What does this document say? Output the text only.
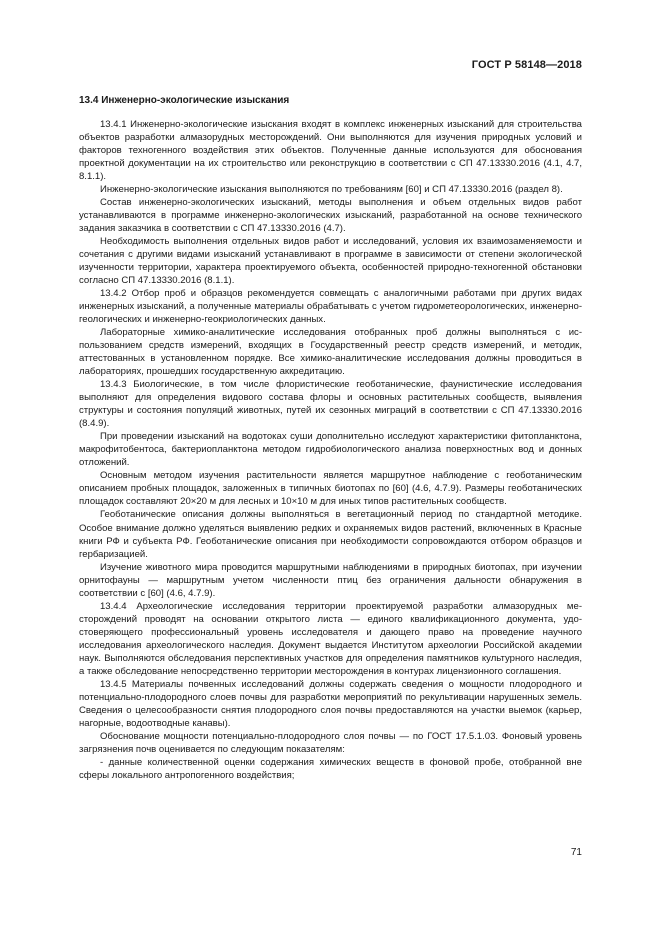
ГОСТ Р 58148—2018
13.4 Инженерно-экологические изыскания

13.4.1 Инженерно-экологические изыскания входят в комплекс инженерных изысканий для строительства объектов разработки алмазорудных месторождений. Они выполняются для изучения природных условий и факторов техногенного воздействия этих объектов. Полученные данные используются для обоснования проектной документации на их строительство или реконструкцию в соответствии с СП 47.13330.2016 (4.1, 4.7, 8.1.1).

Инженерно-экологические изыскания выполняются по требованиям [60] и СП 47.13330.2016 (раздел 8).

Состав инженерно-экологических изысканий, методы выполнения и объем отдельных видов работ устанавливаются в программе инженерно-экологических изысканий, разработанной на основе технического задания заказчика в соответствии с СП 47.13330.2016 (4.7).

Необходимость выполнения отдельных видов работ и исследований, условия их взаимозаменяемости и сочетания с другими видами изысканий устанавливают в программе в зависимости от степени экологической изученности территории, характера проектируемого объекта, особенностей природно-техногенной обстановки согласно СП 47.13330.2016 (8.1.1).

13.4.2 Отбор проб и образцов рекомендуется совмещать с аналогичными работами при других видах инженерных изысканий, а полученные материалы обрабатывать с учетом гидрометеорологических, инженерно-геологических и инженерно-геокриологических данных.

Лабораторные химико-аналитические исследования отобранных проб должны выполняться с использованием средств измерений, входящих в Государственный реестр средств измерений, и методик, аттестованных в установленном порядке. Все химико-аналитические исследования должны проводиться в лабораториях, прошедших государственную аккредитацию.

13.4.3 Биологические, в том числе флористические геоботанические, фаунистические исследования выполняют для определения видового состава флоры и основных растительных сообществ, выявления структуры и состояния популяций животных, путей их сезонных миграций в соответствии с СП 47.13330.2016 (8.4.9).

При проведении изысканий на водотоках суши дополнительно исследуют характеристики фитопланктона, макрофитобентоса, бактериопланктона методом гидробиологического анализа поверхностных вод и донных отложений.

Основным методом изучения растительности является маршрутное наблюдение с геоботаническим описанием пробных площадок, заложенных в типичных биотопах по [60] (4.6, 4.7.9). Размеры геоботанических площадок составляют 20×20 м для лесных и 10×10 м для иных типов растительных сообществ.

Геоботанические описания должны выполняться в вегетационный период по стандартной методике. Особое внимание должно уделяться выявлению редких и охраняемых видов растений, включенных в Красные книги РФ и субъекта РФ. Геоботанические описания при необходимости сопровождаются отбором образцов и гербаризацией.

Изучение животного мира проводится маршрутными наблюдениями в природных биотопах, при изучении орнитофауны — маршрутным учетом численности птиц без ограничения дальности обнаружения в соответствии с [60] (4.6, 4.7.9).

13.4.4 Археологические исследования территории проектируемой разработки алмазорудных месторождений проводят на основании открытого листа — единого квалификационного документа, удостоверяющего профессиональный уровень исследователя и дающего право на проведение научного исследования археологического наследия. Документ выдается Институтом археологии Российской академии наук. Выполняются обследования перспективных участков для определения памятников культурного наследия, а также обследование непосредственно территории месторождения в контурах лицензионного соглашения.

13.4.5 Материалы почвенных исследований должны содержать сведения о мощности плодородного и потенциально-плодородного слоев почвы для разработки мероприятий по рекультивации нарушенных земель. Сведения о целесообразности снятия плодородного слоя почвы предоставляются на участки выемок (карьер, нагорные, водоотводные канавы).

Обоснование мощности потенциально-плодородного слоя почвы — по ГОСТ 17.5.1.03. Фоновый уровень загрязнения почв оценивается по следующим показателям:

- данные количественной оценки содержания химических веществ в фоновой пробе, отобранной вне сферы локального антропогенного воздействия;

71
